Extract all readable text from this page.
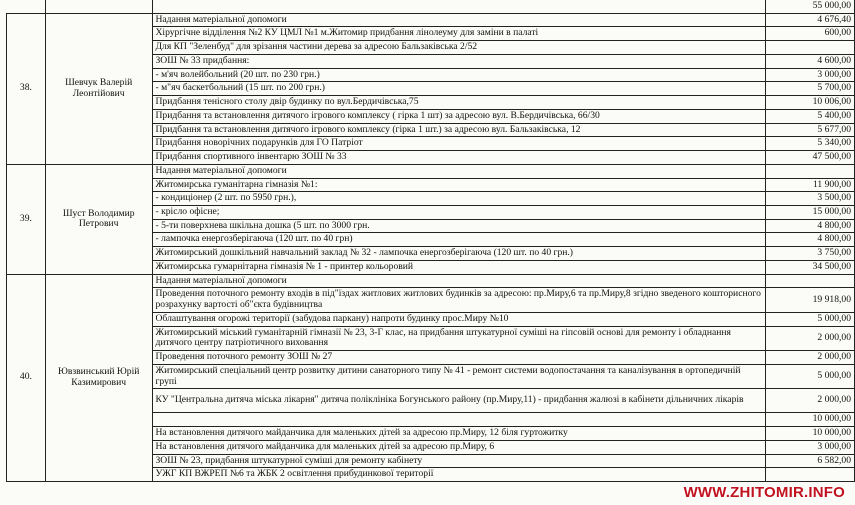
			55 000,00
38.	Шевчук Валерій Леонтійович	Надання матеріальної допомоги	4 676,40
		Хірургічне відділення №2 КУ ЦМЛ №1 м.Житомир придбання лінолеуму для заміни в палаті	600,00
		Для КП "Зеленбуд" для зрізання частини дерева за адресою Бальзаківська 2/52	
		ЗОШ № 33 придбання:	4 600,00
		- м'яч волейбольний (20 шт. по 230 грн.)	3 000,00
		- м"яч баскетбольний (15 шт. по 200 грн.)	5 700,00
		Придбання тенісного столу двір будинку по вул.Бердичівська,75	10 006,00
		Придбання та встановлення дитячого ігрового комплексу ( гірка 1 шт) за адресою вул. В.Бердичівська, 66/30	5 400,00
		Придбання та встановлення дитячого ігрового комплексу (гірка 1 шт.) за адресою вул. Бальзаківська, 12	5 677,00
		Придбання новорічних подарунків для ГО Патріот	5 340,00
		Придбання спортивного інвентарю ЗОШ № 33	47 500,00
39.	Шуст Володимир Петрович	Надання матеріальної допомоги	
		Житомирська гуманітарна гімназія №1:	11 900,00
		- кондиціонер (2 шт. по 5950 грн.),	3 500,00
		- крісло офісне;	15 000,00
		- 5-ти поверхнева шкільна дошка (5 шт. по 3000 грн.	4 800,00
		- лампочка енергозберігаюча (120 шт. по 40 грн)	4 800,00
		Житомирський дошкільний навчальний заклад № 32 - лампочка енергозберігаюча (120 шт. по 40 грн.)	3 750,00
		Житомирська гумарнітарна гімназія № 1 - принтер кольоровий	34 500,00
40.	Ювзвинський Юрій Казимирович	Надання матеріальної допомоги	
		Проведення поточного ремонту входів в під"їздах житлових житлових будинків за адресою: пр.Миру,6 та пр.Миру,8 згідно зведеного кошторисного розрахунку вартості об"єкта будівництва	19 918,00
		Облаштування огорожі території (забудова паркану) напроти будинку прос.Миру №10	5 000,00
		Житомирський міський гуманітарній гімназії № 23, 3-Г клас, на придбання штукатурної суміші на гіпсовій основі для ремонту і обладнання дитячого центру патріотичного виховання	2 000,00
		Проведення поточного ремонту ЗОШ № 27	2 000,00
		Житомирський спеціальний центр розвитку дитини санаторного типу № 41 - ремонт системи водопостачання та каналізування в ортопедичній групі	5 000,00
		КУ "Центральна дитяча міська лікарня" дитяча поліклініка Богунського району (пр.Миру,11) - придбання жалюзі в кабінети дільничних лікарів	2 000,00
			10 000,00
		На встановлення дитячого майданчика для маленьких дітей за адресою пр.Миру, 12 біля гуртожитку	10 000,00
		На встановлення дитячого майданчика для маленьких дітей за адресою пр.Миру, 6	3 000,00
		ЗОШ № 23, придбання штукатурної суміші для ремонту кабінету	6 582,00
		УЖГ КП ВЖРЕП №6 та ЖБК 2 освітлення прибудинкової території	
WWW.ZHITOMIR.INFO
